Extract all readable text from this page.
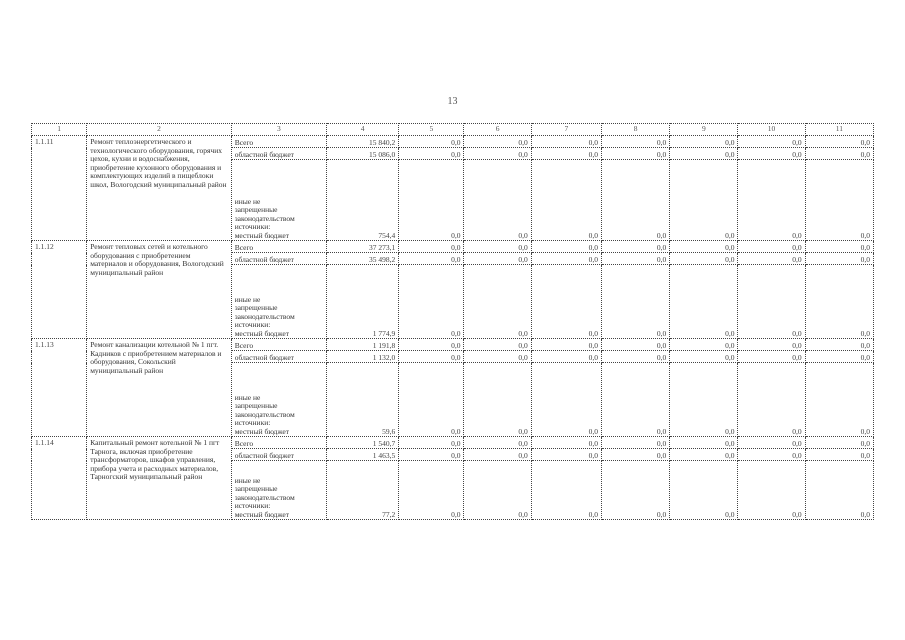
13
1	2	3	4	5	6	7	8	9	10	11
1.1.11	Ремонт теплоэнергетического и технологического оборудования, горячих цехов, кухни и водоснабжения, приобретение кухонного оборудования и комплектующих изделий в пищеблоки школ, Вологодский муниципальный район	Всего	15 840,2	0,0	0,0	0,0	0,0	0,0	0,0	0,0
		областной бюджет	15 086,0	0,0	0,0	0,0	0,0	0,0	0,0	0,0

		иные не
запрещенные
законодательством
источники:
местный бюджет	754,4	0,0	0,0	0,0	0,0	0,0	0,0	0,0
1.1.12	Ремонт тепловых сетей и котельного оборудования с приобретением материалов и оборудования, Вологодский муниципальный район	Всего	37 273,1	0,0	0,0	0,0	0,0	0,0	0,0	0,0
		областной бюджет	35 498,2	0,0	0,0	0,0	0,0	0,0	0,0	0,0

		иные не
запрещенные
законодательством
источники:
местный бюджет	1 774,9	0,0	0,0	0,0	0,0	0,0	0,0	0,0
1.1.13	Ремонт канализации котельной № 1 пгт. Кадников с приобретением материалов и оборудования, Сокольский муниципальный район	Всего	1 191,8	0,0	0,0	0,0	0,0	0,0	0,0	0,0
		областной бюджет	1 132,0	0,0	0,0	0,0	0,0	0,0	0,0	0,0

		иные не
запрещенные
законодательством
источники:
местный бюджет	59,6	0,0	0,0	0,0	0,0	0,0	0,0	0,0
1.1.14	Капитальный ремонт котельной № 1 пгт Тарнога, включая приобретение трансформаторов, шкафов управления, прибора учета и расходных материалов, Тарногский муниципальный район	Всего	1 540,7	0,0	0,0	0,0	0,0	0,0	0,0	0,0
		областной бюджет	1 463,5	0,0	0,0	0,0	0,0	0,0	0,0	0,0

		иные не
запрещенные
законодательством
источники:
местный бюджет	77,2	0,0	0,0	0,0	0,0	0,0	0,0	0,0
